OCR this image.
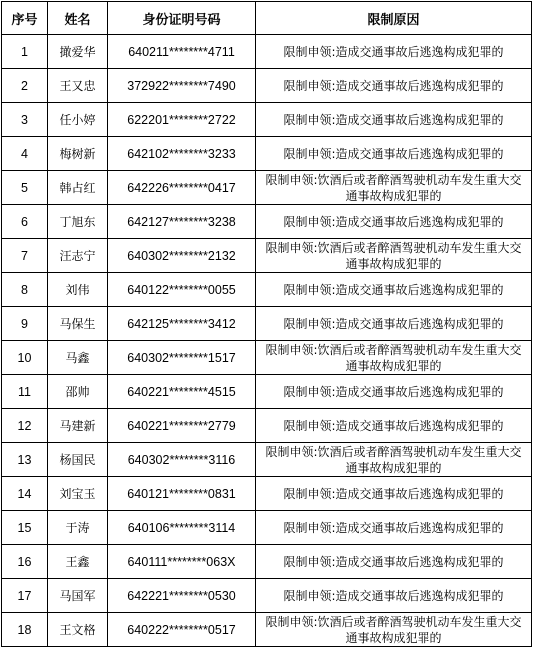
序号	姓名	身份证明号码	限制原因
1	撖爱华	640211********4711	限制申领:造成交通事故后逃逸构成犯罪的
2	王又忠	372922********7490	限制申领:造成交通事故后逃逸构成犯罪的
3	任小婷	622201********2722	限制申领:造成交通事故后逃逸构成犯罪的
4	梅树新	642102********3233	限制申领:造成交通事故后逃逸构成犯罪的
5	韩占红	642226********0417	限制申领:饮酒后或者醉酒驾驶机动车发生重大交通事故构成犯罪的
6	丁旭东	642127********3238	限制申领:造成交通事故后逃逸构成犯罪的
7	汪志宁	640302********2132	限制申领:饮酒后或者醉酒驾驶机动车发生重大交通事故构成犯罪的
8	刘伟	640122********0055	限制申领:造成交通事故后逃逸构成犯罪的
9	马保生	642125********3412	限制申领:造成交通事故后逃逸构成犯罪的
10	马鑫	640302********1517	限制申领:饮酒后或者醉酒驾驶机动车发生重大交通事故构成犯罪的
11	邵帅	640221********4515	限制申领:造成交通事故后逃逸构成犯罪的
12	马建新	640221********2779	限制申领:造成交通事故后逃逸构成犯罪的
13	杨国民	640302********3116	限制申领:饮酒后或者醉酒驾驶机动车发生重大交通事故构成犯罪的
14	刘宝玉	640121********0831	限制申领:造成交通事故后逃逸构成犯罪的
15	于涛	640106********3114	限制申领:造成交通事故后逃逸构成犯罪的
16	王鑫	640111********063X	限制申领:造成交通事故后逃逸构成犯罪的
17	马国军	642221********0530	限制申领:造成交通事故后逃逸构成犯罪的
18	王文格	640222********0517	限制申领:饮酒后或者醉酒驾驶机动车发生重大交通事故构成犯罪的
